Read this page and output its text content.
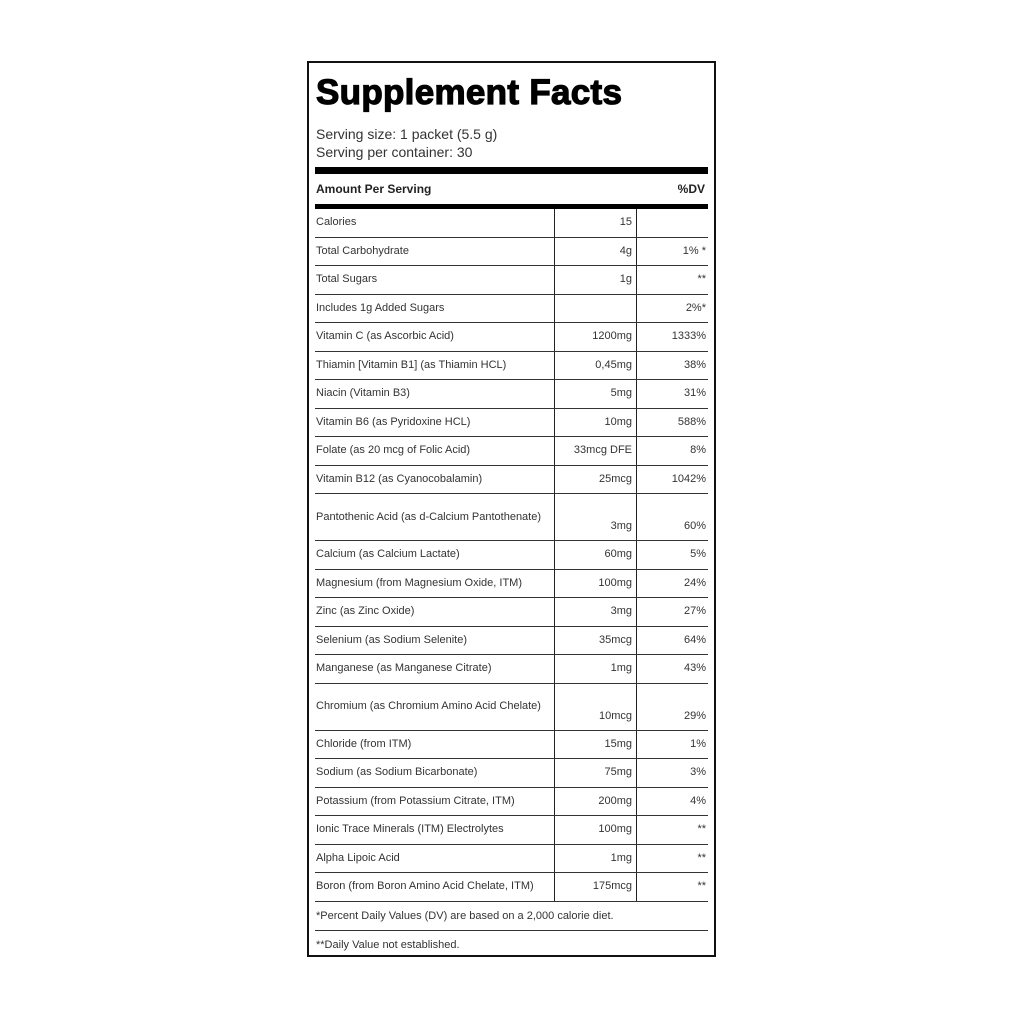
Supplement Facts
Serving size: 1 packet (5.5 g)
Serving per container: 30
Amount Per Serving	%DV
Calories	15	
Total Carbohydrate	4g	1% *
Total Sugars	1g	**
Includes 1g Added Sugars		2%*
Vitamin C (as Ascorbic Acid)	1200mg	1333%
Thiamin [Vitamin B1] (as Thiamin HCL)	0,45mg	38%
Niacin (Vitamin B3)	5mg	31%
Vitamin B6 (as Pyridoxine HCL)	10mg	588%
Folate (as 20 mcg of Folic Acid)	33mcg DFE	8%
Vitamin B12 (as Cyanocobalamin)	25mcg	1042%
Pantothenic Acid (as d-Calcium Pantothenate)	3mg	60%
Calcium (as Calcium Lactate)	60mg	5%
Magnesium (from Magnesium Oxide, ITM)	100mg	24%
Zinc (as Zinc Oxide)	3mg	27%
Selenium (as Sodium Selenite)	35mcg	64%
Manganese (as Manganese Citrate)	1mg	43%
Chromium (as Chromium Amino Acid Chelate)	10mcg	29%
Chloride (from ITM)	15mg	1%
Sodium (as Sodium Bicarbonate)	75mg	3%
Potassium (from Potassium Citrate, ITM)	200mg	4%
Ionic Trace Minerals (ITM) Electrolytes	100mg	**
Alpha Lipoic Acid	1mg	**
Boron (from Boron Amino Acid Chelate, ITM)	175mcg	**
*Percent Daily Values (DV) are based on a 2,000 calorie diet.
**Daily Value not established.
